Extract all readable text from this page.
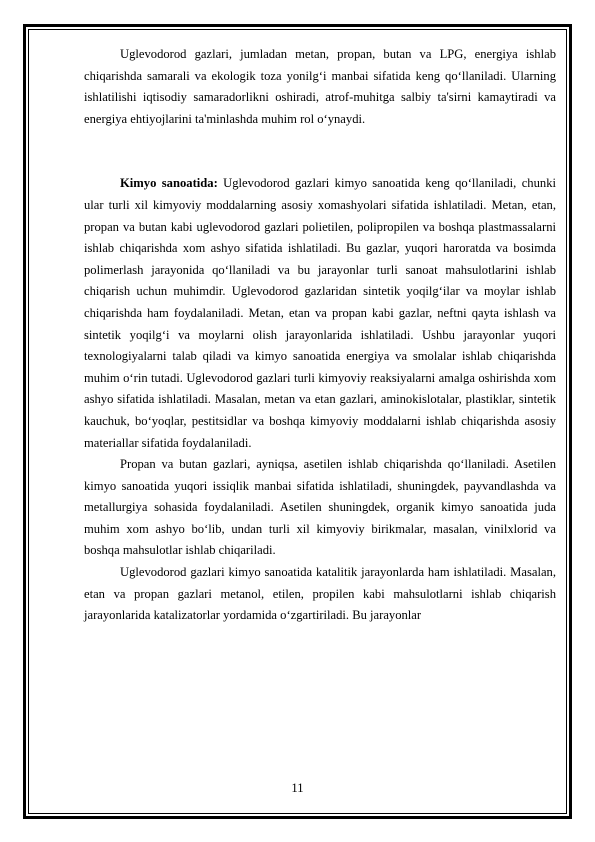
Uglevodorod gazlari, jumladan metan, propan, butan va LPG, energiya ishlab chiqarishda samarali va ekologik toza yonilg‘i manbai sifatida keng qo‘llaniladi. Ularning ishlatilishi iqtisodiy samaradorlikni oshiradi, atrof-muhitga salbiy ta'sirni kamaytiradi va energiya ehtiyojlarini ta'minlashda muhim rol o‘ynaydi.

Kimyo sanoatida: Uglevodorod gazlari kimyo sanoatida keng qo‘llaniladi, chunki ular turli xil kimyoviy moddalarning asosiy xomashyolari sifatida ishlatiladi. Metan, etan, propan va butan kabi uglevodorod gazlari polietilen, polipropilen va boshqa plastmassalarni ishlab chiqarishda xom ashyo sifatida ishlatiladi. Bu gazlar, yuqori haroratda va bosimda polimerlash jarayonida qo‘llaniladi va bu jarayonlar turli sanoat mahsulotlarini ishlab chiqarish uchun muhimdir. Uglevodorod gazlaridan sintetik yoqilg‘ilar va moylar ishlab chiqarishda ham foydalaniladi. Metan, etan va propan kabi gazlar, neftni qayta ishlash va sintetik yoqilg‘i va moylarni olish jarayonlarida ishlatiladi. Ushbu jarayonlar yuqori texnologiyalarni talab qiladi va kimyo sanoatida energiya va smolalar ishlab chiqarishda muhim o‘rin tutadi. Uglevodorod gazlari turli kimyoviy reaksiyalarni amalga oshirishda xom ashyo sifatida ishlatiladi. Masalan, metan va etan gazlari, aminokislotalar, plastiklar, sintetik kauchuk, bo‘yoqlar, pestitsidlar va boshqa kimyoviy moddalarni ishlab chiqarishda asosiy materiallar sifatida foydalaniladi.

Propan va butan gazlari, ayniqsa, asetilen ishlab chiqarishda qo‘llaniladi. Asetilen kimyo sanoatida yuqori issiqlik manbai sifatida ishlatiladi, shuningdek, payvandlashda va metallurgiya sohasida foydalaniladi. Asetilen shuningdek, organik kimyo sanoatida juda muhim xom ashyo bo‘lib, undan turli xil kimyoviy birikmalar, masalan, vinilxlorid va boshqa mahsulotlar ishlab chiqariladi.

Uglevodorod gazlari kimyo sanoatida katalitik jarayonlarda ham ishlatiladi. Masalan, etan va propan gazlari metanol, etilen, propilen kabi mahsulotlarni ishlab chiqarish jarayonlarida katalizatorlar yordamida o‘zgartiriladi. Bu jarayonlar

11
